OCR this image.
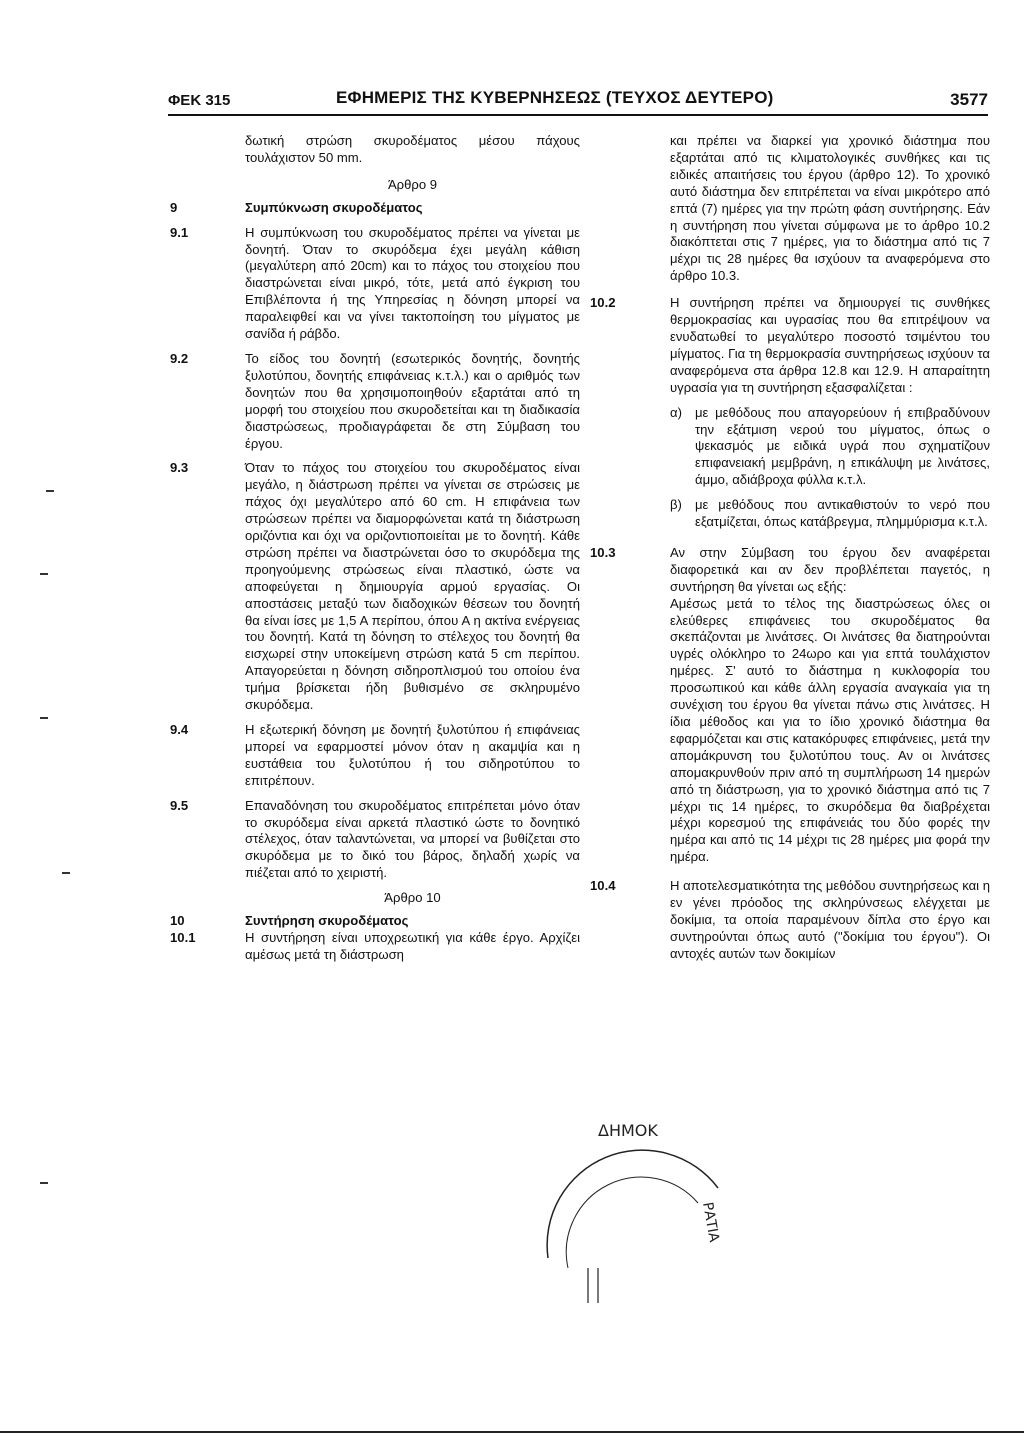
ΦΕΚ 315	ΕΦΗΜΕΡΙΣ ΤΗΣ ΚΥΒΕΡΝΗΣΕΩΣ (ΤΕΥΧΟΣ ΔΕΥΤΕΡΟ)	3577
δωτική στρώση σκυροδέματος μέσου πάχους τουλάχιστον 50 mm.
Άρθρο 9
9	Συμπύκνωση σκυροδέματος
9.1	Η συμπύκνωση του σκυροδέματος πρέπει να γίνεται με δονητή. Όταν το σκυρόδεμα έχει μεγάλη κάθιση (μεγαλύτερη από 20cm) και το πάχος του στοιχείου που διαστρώνεται είναι μικρό, τότε, μετά από έγκριση του Επιβλέποντα ή της Υπηρεσίας η δόνηση μπορεί να παραλειφθεί και να γίνει τακτοποίηση του μίγματος με σανίδα ή ράβδο.
9.2	Το είδος του δονητή (εσωτερικός δονητής, δονητής ξυλοτύπου, δονητής επιφάνειας κ.τ.λ.) και ο αριθμός των δονητών που θα χρησιμοποιηθούν εξαρτάται από τη μορφή του στοιχείου που σκυροδετείται και τη διαδικασία διαστρώσεως, προδιαγράφεται δε στη Σύμβαση του έργου.
9.3	Όταν το πάχος του στοιχείου του σκυροδέματος είναι μεγάλο, η διάστρωση πρέπει να γίνεται σε στρώσεις με πάχος όχι μεγαλύτερο από 60 cm. Η επιφάνεια των στρώσεων πρέπει να διαμορφώνεται κατά τη διάστρωση οριζόντια και όχι να οριζοντιοποιείται με το δονητή. Κάθε στρώση πρέπει να διαστρώνεται όσο το σκυρόδεμα της προηγούμενης στρώσεως είναι πλαστικό, ώστε να αποφεύγεται η δημιουργία αρμού εργασίας. Οι αποστάσεις μεταξύ των διαδοχικών θέσεων του δονητή θα είναι ίσες με 1,5 Α περίπου, όπου Α η ακτίνα ενέργειας του δονητή. Κατά τη δόνηση το στέλεχος του δονητή θα εισχωρεί στην υποκείμενη στρώση κατά 5 cm περίπου. Απαγορεύεται η δόνηση σιδηροπλισμού του οποίου ένα τμήμα βρίσκεται ήδη βυθισμένο σε σκληρυμένο σκυρόδεμα.
9.4	Η εξωτερική δόνηση με δονητή ξυλοτύπου ή επιφάνειας μπορεί να εφαρμοστεί μόνον όταν η ακαμψία και η ευστάθεια του ξυλοτύπου ή του σιδηροτύπου το επιτρέπουν.
9.5	Επαναδόνηση του σκυροδέματος επιτρέπεται μόνο όταν το σκυρόδεμα είναι αρκετά πλαστικό ώστε το δονητικό στέλεχος, όταν ταλαντώνεται, να μπορεί να βυθίζεται στο σκυρόδεμα με το δικό του βάρος, δηλαδή χωρίς να πιέζεται από το χειριστή.
Άρθρο 10
10	Συντήρηση σκυροδέματος
10.1	Η συντήρηση είναι υποχρεωτική για κάθε έργο. Αρχίζει αμέσως μετά τη διάστρωση
και πρέπει να διαρκεί για χρονικό διάστημα που εξαρτάται από τις κλιματολογικές συνθήκες και τις ειδικές απαιτήσεις του έργου (άρθρο 12). Το χρονικό αυτό διάστημα δεν επιτρέπεται να είναι μικρότερο από επτά (7) ημέρες για την πρώτη φάση συντήρησης. Εάν η συντήρηση που γίνεται σύμφωνα με το άρθρο 10.2 διακόπτεται στις 7 ημέρες, για το διάστημα από τις 7 μέχρι τις 28 ημέρες θα ισχύουν τα αναφερόμενα στο άρθρο 10.3.
10.2	Η συντήρηση πρέπει να δημιουργεί τις συνθήκες θερμοκρασίας και υγρασίας που θα επιτρέψουν να ενυδατωθεί το μεγαλύτερο ποσοστό τσιμέντου του μίγματος. Για τη θερμοκρασία συντηρήσεως ισχύουν τα αναφερόμενα στα άρθρα 12.8 και 12.9. Η απαραίτητη υγρασία για τη συντήρηση εξασφαλίζεται :
α) με μεθόδους που απαγορεύουν ή επιβραδύνουν την εξάτμιση νερού του μίγματος, όπως ο ψεκασμός με ειδικά υγρά που σχηματίζουν επιφανειακή μεμβράνη, η επικάλυψη με λινάτσες, άμμο, αδιάβροχα φύλλα κ.τ.λ.
β) με μεθόδους που αντικαθιστούν το νερό που εξατμίζεται, όπως κατάβρεγμα, πλημμύρισμα κ.τ.λ.
10.3	Αν στην Σύμβαση του έργου δεν αναφέρεται διαφορετικά και αν δεν προβλέπεται παγετός, η συντήρηση θα γίνεται ως εξής:
Αμέσως μετά το τέλος της διαστρώσεως όλες οι ελεύθερες επιφάνειες του σκυροδέματος θα σκεπάζονται με λινάτσες. Οι λινάτσες θα διατηρούνται υγρές ολόκληρο το 24ωρο και για επτά τουλάχιστον ημέρες. Σ' αυτό το διάστημα η κυκλοφορία του προσωπικού και κάθε άλλη εργασία αναγκαία για τη συνέχιση του έργου θα γίνεται πάνω στις λινάτσες. Η ίδια μέθοδος και για το ίδιο χρονικό διάστημα θα εφαρμόζεται και στις κατακόρυφες επιφάνειες, μετά την απομάκρυνση του ξυλοτύπου τους. Αν οι λινάτσες απομακρυνθούν πριν από τη συμπλήρωση 14 ημερών από τη διάστρωση, για το χρονικό διάστημα από τις 7 μέχρι τις 14 ημέρες, το σκυρόδεμα θα διαβρέχεται μέχρι κορεσμού της επιφάνειάς του δύο φορές την ημέρα και από τις 14 μέχρι τις 28 ημέρες μια φορά την ημέρα.
10.4	Η αποτελεσματικότητα της μεθόδου συντηρήσεως και η εν γένει πρόοδος της σκληρύνσεως ελέγχεται με δοκίμια, τα οποία παραμένουν δίπλα στο έργο και συντηρούνται όπως αυτό ("δοκίμια του έργου"). Οι αντοχές αυτών των δοκιμίων
ΔΗΜΟΚ
ΡΑΤΙΑ
